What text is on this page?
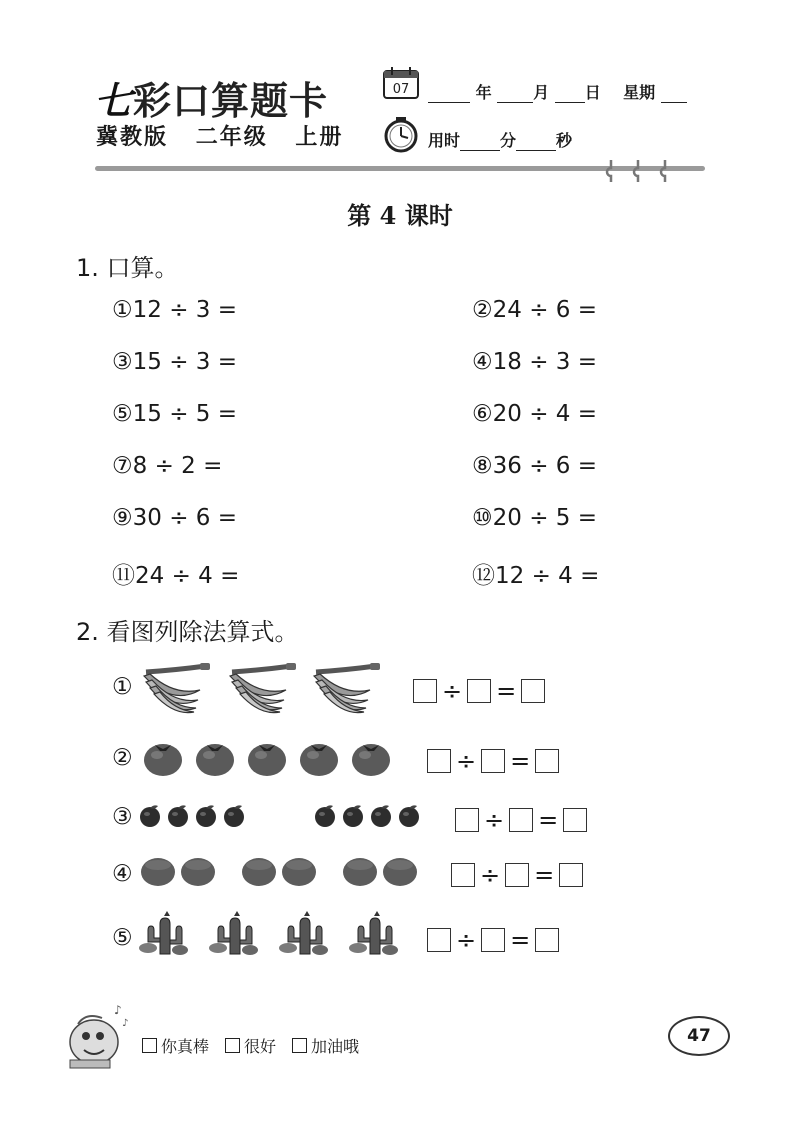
七彩口算题卡
冀教版 二年级 上册
07	年	月 日 星期
用时	分	秒
第 4 课时
1. 口算。
①12 ÷ 3 =	②24 ÷ 6 =
③15 ÷ 3 =	④18 ÷ 3 =
⑤15 ÷ 5 =	⑥20 ÷ 4 =
⑦8 ÷ 2 =	⑧36 ÷ 6 =
⑨30 ÷ 6 =	⑩20 ÷ 5 =
⑪24 ÷ 4 =	⑫12 ÷ 4 =
2. 看图列除法算式。
①	÷ =
②	÷ =
③	÷ =
④	÷ =
⑤	÷ =
♪
♪
你真棒 很好 加油哦
47
